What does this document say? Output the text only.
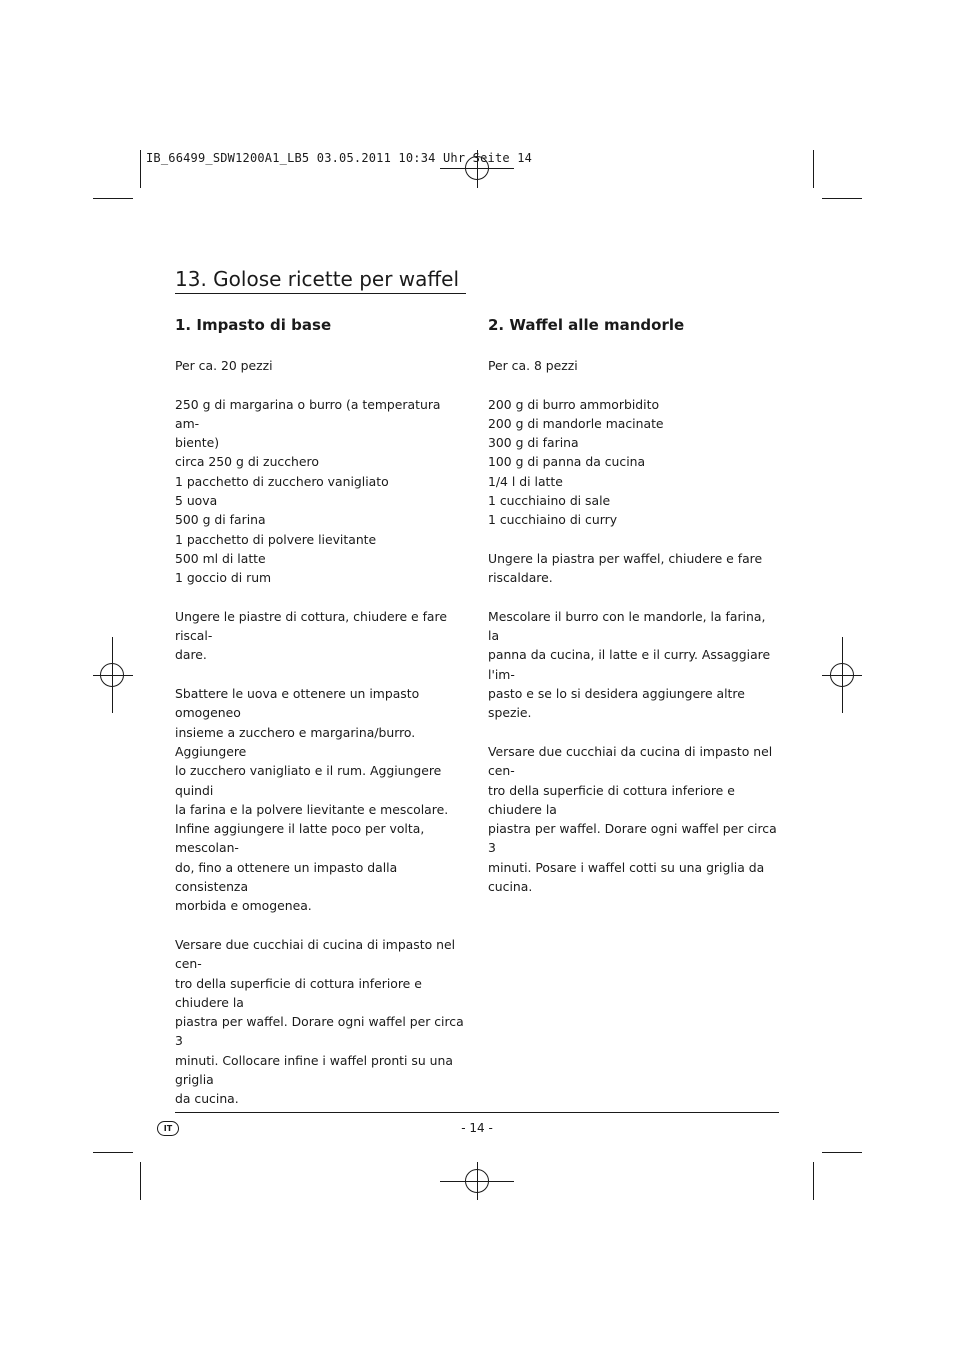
IB_66499_SDW1200A1_LB5 03.05.2011 10:34 Uhr Seite 14
13. Golose ricette per waffel
1. Impasto di base

Per ca. 20 pezzi

250 g di margarina o burro (a temperatura am-
biente)
circa 250 g di zucchero
1 pacchetto di zucchero vanigliato
5 uova
500 g di farina
1 pacchetto di polvere lievitante
500 ml di latte
1 goccio di rum

Ungere le piastre di cottura, chiudere e fare riscal-
dare.

Sbattere le uova e ottenere un impasto omogeneo
insieme a zucchero e margarina/burro. Aggiungere
lo zucchero vanigliato e il rum. Aggiungere quindi
la farina e la polvere lievitante e mescolare.
Infine aggiungere il latte poco per volta, mescolan-
do, fino a ottenere un impasto dalla consistenza
morbida e omogenea.

Versare due cucchiai di cucina di impasto nel cen-
tro della superficie di cottura inferiore e chiudere la
piastra per waffel. Dorare ogni waffel per circa 3
minuti. Collocare infine i waffel pronti su una griglia
da cucina.

2. Waffel alle mandorle

Per ca. 8 pezzi

200 g di burro ammorbidito
200 g di mandorle macinate
300 g di farina
100 g di panna da cucina
1/4 l di latte
1 cucchiaino di sale
1 cucchiaino di curry

Ungere la piastra per waffel, chiudere e fare
riscaldare.

Mescolare il burro con le mandorle, la farina, la
panna da cucina, il latte e il curry. Assaggiare l'im-
pasto e se lo si desidera aggiungere altre spezie.

Versare due cucchiai da cucina di impasto nel cen-
tro della superficie di cottura inferiore e chiudere la
piastra per waffel. Dorare ogni waffel per circa 3
minuti. Posare i waffel cotti su una griglia da cucina.

IT	- 14 -
